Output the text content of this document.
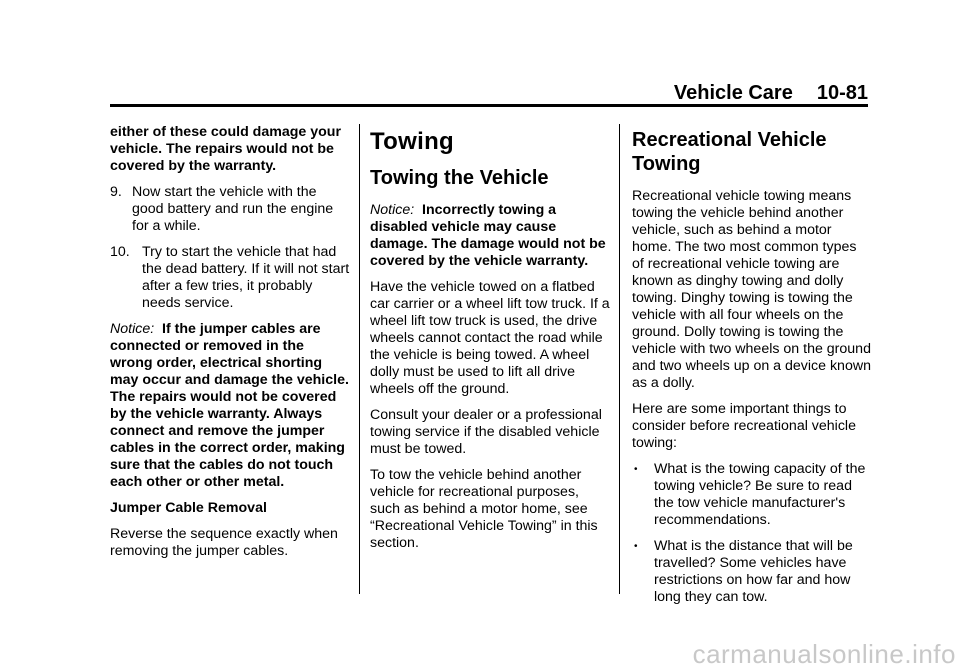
Vehicle Care 10-81

either of these could damage your vehicle. The repairs would not be covered by the warranty.

9. Now start the vehicle with the good battery and run the engine for a while.
10. Try to start the vehicle that had the dead battery. If it will not start after a few tries, it probably needs service.

Notice: If the jumper cables are connected or removed in the wrong order, electrical shorting may occur and damage the vehicle. The repairs would not be covered by the vehicle warranty. Always connect and remove the jumper cables in the correct order, making sure that the cables do not touch each other or other metal.

Jumper Cable Removal

Reverse the sequence exactly when removing the jumper cables.

Towing
Towing the Vehicle

Notice: Incorrectly towing a disabled vehicle may cause damage. The damage would not be covered by the vehicle warranty.

Have the vehicle towed on a flatbed car carrier or a wheel lift tow truck. If a wheel lift tow truck is used, the drive wheels cannot contact the road while the vehicle is being towed. A wheel dolly must be used to lift all drive wheels off the ground.

Consult your dealer or a professional towing service if the disabled vehicle must be towed.

To tow the vehicle behind another vehicle for recreational purposes, such as behind a motor home, see “Recreational Vehicle Towing” in this section.

Recreational Vehicle Towing

Recreational vehicle towing means towing the vehicle behind another vehicle, such as behind a motor home. The two most common types of recreational vehicle towing are known as dinghy towing and dolly towing. Dinghy towing is towing the vehicle with all four wheels on the ground. Dolly towing is towing the vehicle with two wheels on the ground and two wheels up on a device known as a dolly.

Here are some important things to consider before recreational vehicle towing:

•	What is the towing capacity of the towing vehicle? Be sure to read the tow vehicle manufacturer's recommendations.
•	What is the distance that will be travelled? Some vehicles have restrictions on how far and how long they can tow.
carmanualsonline.info
